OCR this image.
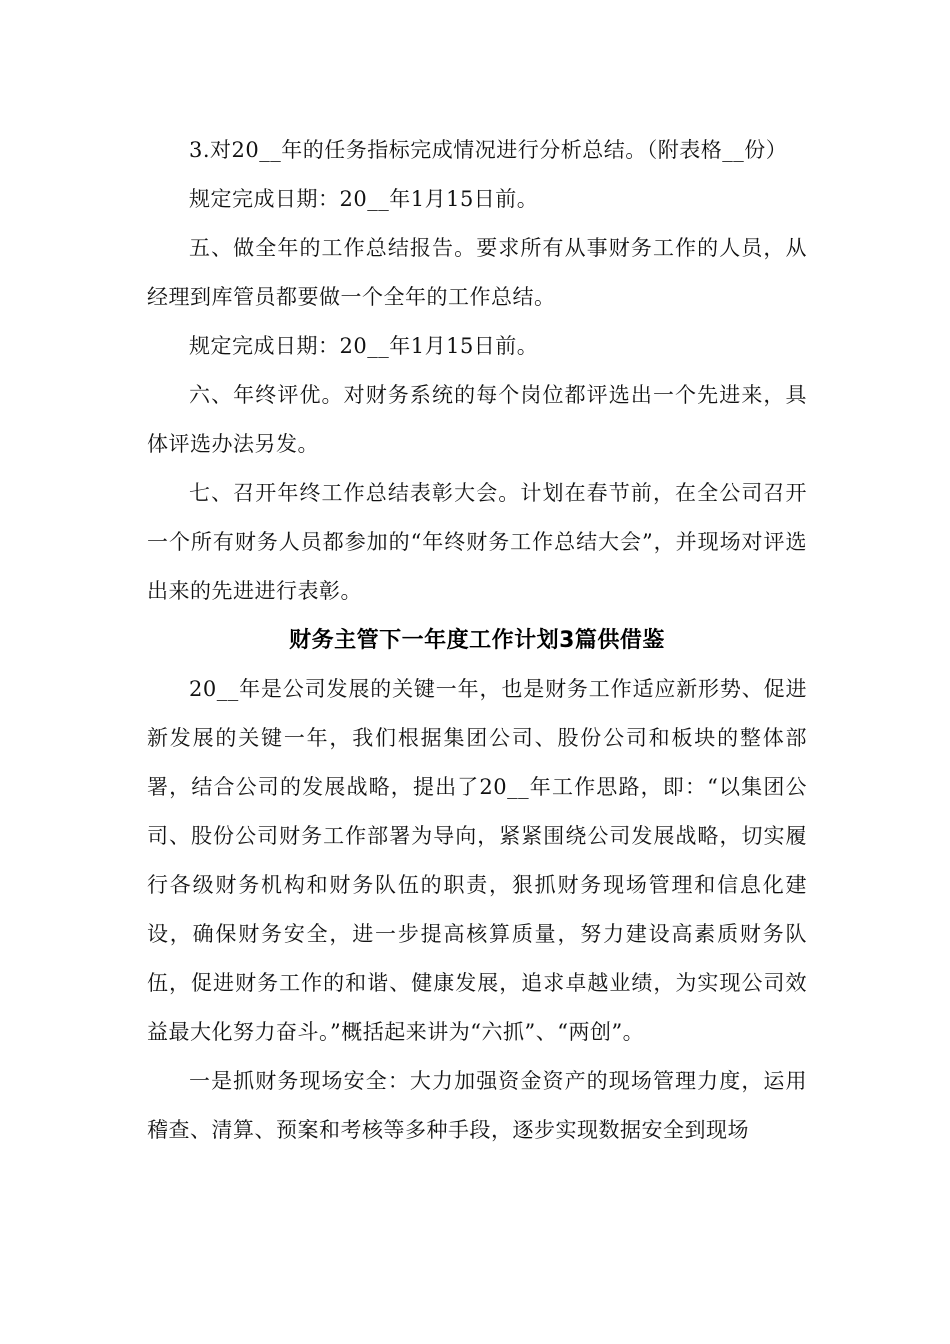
3.对20__年的任务指标完成情况进行分析总结。（附表格__份）

规定完成日期：20__年1月15日前。

五、做全年的工作总结报告。要求所有从事财务工作的人员，从经理到库管员都要做一个全年的工作总结。

规定完成日期：20__年1月15日前。

六、年终评优。对财务系统的每个岗位都评选出一个先进来，具体评选办法另发。

七、召开年终工作总结表彰大会。计划在春节前，在全公司召开一个所有财务人员都参加的“年终财务工作总结大会”，并现场对评选出来的先进进行表彰。

财务主管下一年度工作计划3篇供借鉴

20__年是公司发展的关键一年，也是财务工作适应新形势、促进新发展的关键一年，我们根据集团公司、股份公司和板块的整体部署，结合公司的发展战略，提出了20__年工作思路，即：“以集团公司、股份公司财务工作部署为导向，紧紧围绕公司发展战略，切实履行各级财务机构和财务队伍的职责，狠抓财务现场管理和信息化建设，确保财务安全，进一步提高核算质量，努力建设高素质财务队伍，促进财务工作的和谐、健康发展，追求卓越业绩，为实现公司效益最大化努力奋斗。”概括起来讲为“六抓”、“两创”。

一是抓财务现场安全：大力加强资金资产的现场管理力度，运用稽查、清算、预案和考核等多种手段，逐步实现数据安全到现场
